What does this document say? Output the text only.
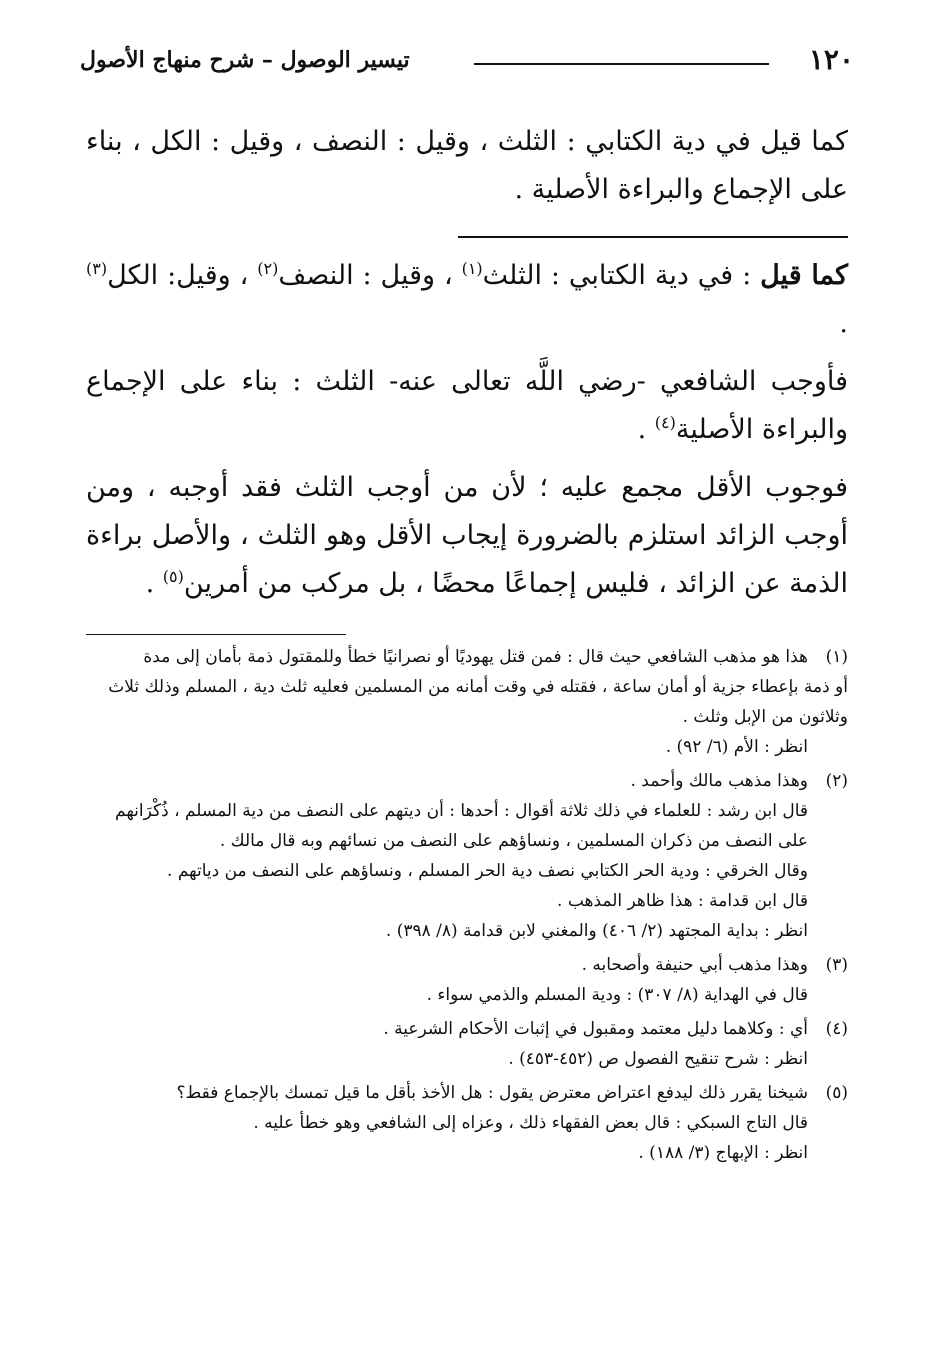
١٢٠
تيسير الوصول – شرح منهاج الأصول

كما قيل في دية الكتابي : الثلث ، وقيل : النصف ، وقيل : الكل ، بناء على الإجماع والبراءة الأصلية .

كما قيل : في دية الكتابي : الثلث$^{(١)}$ ، وقيل : النصف$^{(٢)}$ ، وقيل: الكل$^{(٣)}$ .

فأوجب الشافعي -رضي اللَّه تعالى عنه- الثلث : بناء على الإجماع والبراءة الأصلية$^{(٤)}$ .

فوجوب الأقل مجمع عليه ؛ لأن من أوجب الثلث فقد أوجبه ، ومن أوجب الزائد استلزم بالضرورة إيجاب الأقل وهو الثلث ، والأصل براءة الذمة عن الزائد ، فليس إجماعًا محضًا ، بل مركب من أمرين$^{(٥)}$ .

(١)
هذا هو مذهب الشافعي حيث قال : فمن قتل يهوديًا أو نصرانيًا خطأ وللمقتول ذمة بأمان إلى مدة

أو ذمة بإعطاء جزية أو أمان ساعة ، فقتله في وقت أمانه من المسلمين فعليه ثلث دية ، المسلم وذلك ثلاث وثلاثون من الإبل وثلث .

انظر : الأم (٦/ ٩٢) .

(٢)
وهذا مذهب مالك وأحمد .

قال ابن رشد : للعلماء في ذلك ثلاثة أقوال : أحدها : أن ديتهم على النصف من دية المسلم ، ذُكْرَانهم على النصف من ذكران المسلمين ، ونساؤهم على النصف من نسائهم وبه قال مالك .

وقال الخرقي : ودية الحر الكتابي نصف دية الحر المسلم ، ونساؤهم على النصف من دياتهم .

قال ابن قدامة : هذا ظاهر المذهب .

انظر : بداية المجتهد (٢/ ٤٠٦) والمغني لابن قدامة (٨/ ٣٩٨) .

(٣)
وهذا مذهب أبي حنيفة وأصحابه .

قال في الهداية (٨/ ٣٠٧) : ودية المسلم والذمي سواء .

(٤)
أي : وكلاهما دليل معتمد ومقبول في إثبات الأحكام الشرعية .

انظر : شرح تنقيح الفصول ص (٤٥٢-٤٥٣) .

(٥)
شيخنا يقرر ذلك ليدفع اعتراض معترض يقول : هل الأخذ بأقل ما قيل تمسك بالإجماع فقط؟

قال التاج السبكي : قال بعض الفقهاء ذلك ، وعزاه إلى الشافعي وهو خطأ عليه .

انظر : الإبهاج (٣/ ١٨٨) .
